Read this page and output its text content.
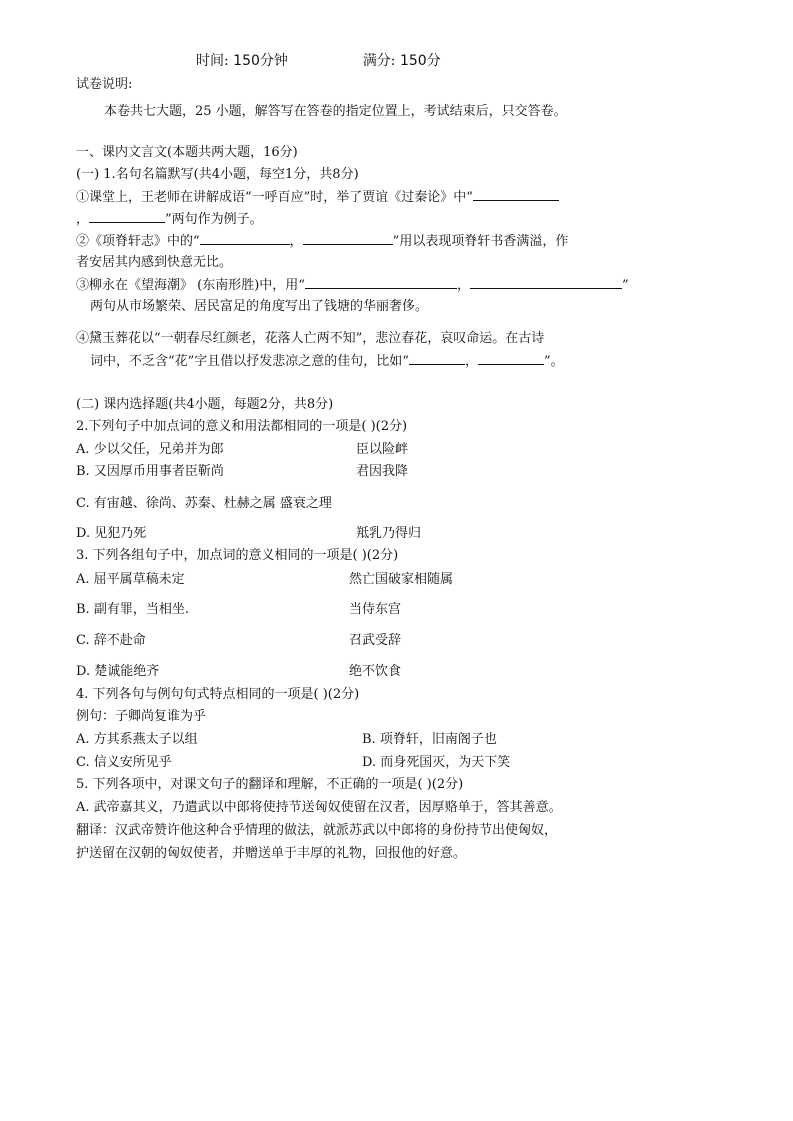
时间: 150分钟	满分: 150分
试卷说明:
本卷共七大题，25 小题，解答写在答卷的指定位置上，考试结束后，只交答卷。
一、课内文言文(本题共两大题，16分)
(一) 1.名句名篇默写(共4小题，每空1分，共8分)
①课堂上，王老师在讲解成语“一呼百应”时，举了贾谊《过秦论》中“
，	”两句作为例子。
②《项脊轩志》中的“	，	”用以表现项脊轩书香满溢，作
者安居其内感到快意无比。
③柳永在《望海潮》 (东南形胜)中，用“	，	”
两句从市场繁荣、居民富足的角度写出了钱塘的华丽奢侈。
④黛玉葬花以“一朝春尽红颜老，花落人亡两不知”，悲泣春花，哀叹命运。在古诗
词中，不乏含“花”字且借以抒发悲凉之意的佳句，比如“	，	”。
(二) 课内选择题(共4小题，每题2分，共8分)
2.下列句子中加点词的意义和用法都相同的一项是( )(2分)
A. 少以父任，兄弟并为郎	臣以险衅
B. 又因厚币用事者臣靳尚	君因我降
C. 有宙越、徐尚、苏秦、杜赫之属 盛衰之理
D. 见犯乃死	羝乳乃得归
3. 下列各组句子中，加点词的意义相同的一项是( )(2分)
A. 屈平属草稿未定	然亡国破家相随属
B. 副有罪，当相坐.	当侍东宫
C. 辞不赴命	召武受辞
D. 楚诚能绝齐	绝不饮食
4. 下列各句与例句句式特点相同的一项是( )(2分)
例句：子卿尚复谁为乎
A. 方其系燕太子以组	B. 项脊轩，旧南阁子也
C. 信义安所见乎	D. 而身死国灭，为天下笑
5. 下列各项中，对课文句子的翻译和理解，不正确的一项是( )(2分)
A. 武帝嘉其义，乃遣武以中郎将使持节送匈奴使留在汉者，因厚赂单于，答其善意。
翻译：汉武帝赞许他这种合乎情理的做法，就派苏武以中郎将的身份持节出使匈奴，
护送留在汉朝的匈奴使者，并赠送单于丰厚的礼物，回报他的好意。
